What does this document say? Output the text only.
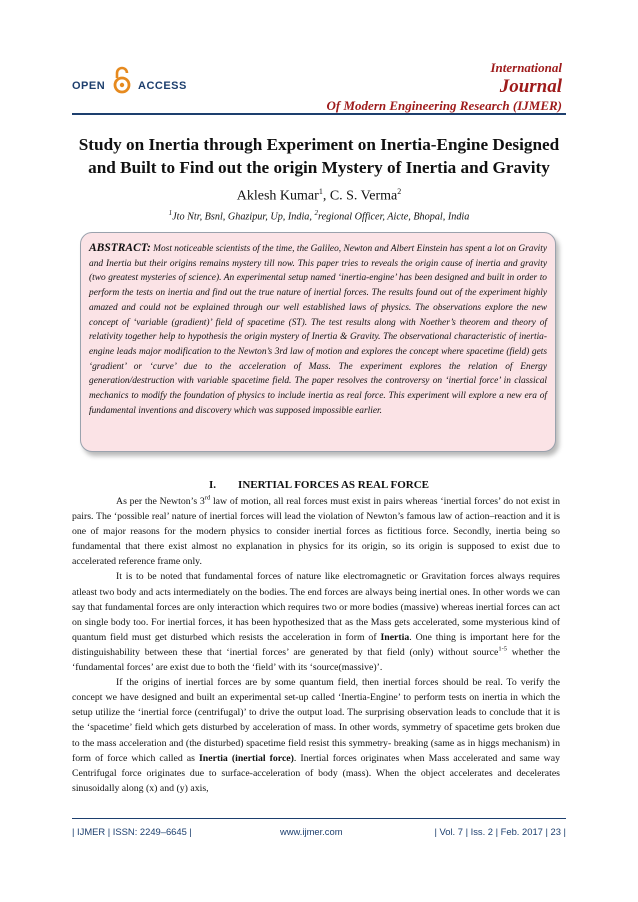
OPEN	ACCESS
International
Journal
Of Modern Engineering Research (IJMER)
Study on Inertia through Experiment on Inertia-Engine Designed
and Built to Find out the origin Mystery of Inertia and Gravity
Aklesh Kumar$^1$, C. S. Verma$^2$
$^1$Jto Ntr, Bsnl, Ghazipur, Up, India, $^2$regional Officer, Aicte, Bhopal, India
ABSTRACT: Most noticeable scientists of the time, the Galileo, Newton and Albert Einstein has spent a lot on Gravity and Inertia but their origins remains mystery till now. This paper tries to reveals the origin cause of inertia and gravity (two greatest mysteries of science). An experimental setup named ‘inertia-engine’ has been designed and built in order to perform the tests on inertia and find out the true nature of inertial forces. The results found out of the experiment highly amazed and could not be explained through our well established laws of physics. The observations explore the new concept of ‘variable (gradient)’ field of spacetime (ST). The test results along with Noether’s theorem and theory of relativity together help to hypothesis the origin mystery of Inertia & Gravity. The observational characteristic of inertia-engine leads major modification to the Newton’s 3rd law of motion and explores the concept where spacetime (field) gets ‘gradient’ or ‘curve’ due to the acceleration of Mass. The experiment explores the relation of Energy generation/destruction with variable spacetime field. The paper resolves the controversy on ‘inertial force’ in classical mechanics to modify the foundation of physics to include inertia as real force. This experiment will explore a new era of fundamental inventions and discovery which was supposed impossible earlier.
I. INERTIAL FORCES AS REAL FORCE

As per the Newton’s 3rd law of motion, all real forces must exist in pairs whereas ‘inertial forces’ do not exist in pairs. The ‘possible real’ nature of inertial forces will lead the violation of Newton’s famous law of action–reaction and it is one of major reasons for the modern physics to consider inertial forces as fictitious force. Secondly, inertia being so fundamental that there exist almost no explanation in physics for its origin, so its origin is supposed to exist due to accelerated reference frame only.

It is to be noted that fundamental forces of nature like electromagnetic or Gravitation forces always requires atleast two body and acts intermediately on the bodies. The end forces are always being inertial ones. In other words we can say that fundamental forces are only interaction which requires two or more bodies (massive) whereas inertial forces can act on single body too. For inertial forces, it has been hypothesized that as the Mass gets accelerated, some mysterious kind of quantum field must get disturbed which resists the acceleration in form of Inertia. One thing is important here for the distinguishability between these that ‘inertial forces’ are generated by that field (only) without source$^{1-5}$ whether the ‘fundamental forces’ are exist due to both the ‘field’ with its ‘source(massive)’.

If the origins of inertial forces are by some quantum field, then inertial forces should be real. To verify the concept we have designed and built an experimental set-up called ‘Inertia-Engine’ to perform tests on inertia in which the setup utilize the ‘inertial force (centrifugal)’ to drive the output load. The surprising observation leads to conclude that it is the ‘spacetime’ field which gets disturbed by acceleration of mass. In other words, symmetry of spacetime gets broken due to the mass acceleration and (the disturbed) spacetime field resist this symmetry- breaking (same as in higgs mechanism) in form of force which called as Inertia (inertial force). Inertial forces originates when Mass accelerated and same way Centrifugal force originates due to surface-acceleration of body (mass). When the object accelerates and decelerates sinusoidally along (x) and (y) axis,

| IJMER | ISSN: 2249–6645 |	www.ijmer.com	| Vol. 7 | Iss. 2 | Feb. 2017 | 23 |
